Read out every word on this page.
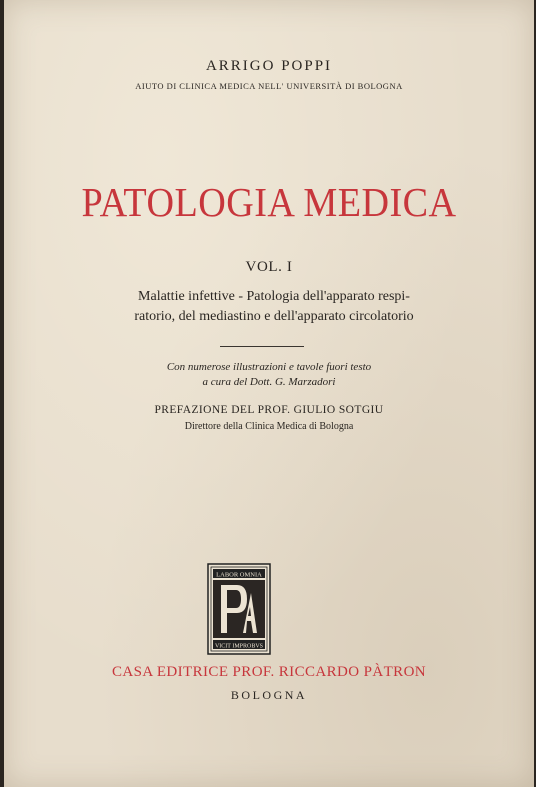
ARRIGO POPPI
AIUTO DI CLINICA MEDICA NELL' UNIVERSITÀ DI BOLOGNA
PATOLOGIA MEDICA
VOL. I
Malattie infettive - Patologia dell'apparato respi-
ratorio, del mediastino e dell'apparato circolatorio
Con numerose illustrazioni e tavole fuori testo
a cura del Dott. G. Marzadori
PREFAZIONE DEL PROF. GIULIO SOTGIU
Direttore della Clinica Medica di Bologna
LABOR OMNIA
VICIT IMPROBVS
CASA EDITRICE PROF. RICCARDO PÀTRON
BOLOGNA
